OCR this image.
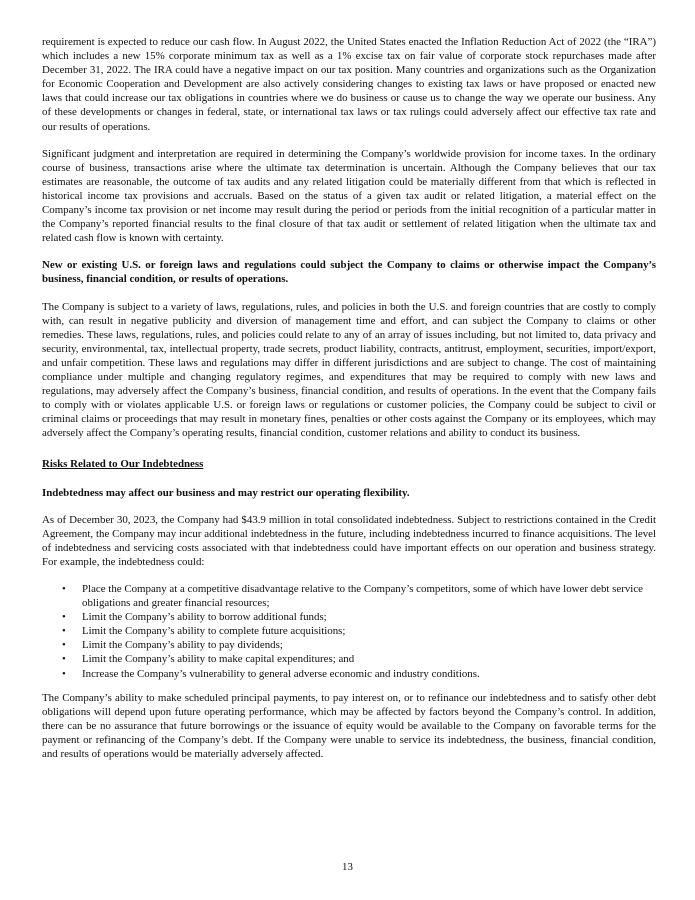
requirement is expected to reduce our cash flow. In August 2022, the United States enacted the Inflation Reduction Act of 2022 (the “IRA”) which includes a new 15% corporate minimum tax as well as a 1% excise tax on fair value of corporate stock repurchases made after December 31, 2022. The IRA could have a negative impact on our tax position. Many countries and organizations such as the Organization for Economic Cooperation and Development are also actively considering changes to existing tax laws or have proposed or enacted new laws that could increase our tax obligations in countries where we do business or cause us to change the way we operate our business. Any of these developments or changes in federal, state, or international tax laws or tax rulings could adversely affect our effective tax rate and our results of operations.

Significant judgment and interpretation are required in determining the Company’s worldwide provision for income taxes. In the ordinary course of business, transactions arise where the ultimate tax determination is uncertain. Although the Company believes that our tax estimates are reasonable, the outcome of tax audits and any related litigation could be materially different from that which is reflected in historical income tax provisions and accruals. Based on the status of a given tax audit or related litigation, a material effect on the Company’s income tax provision or net income may result during the period or periods from the initial recognition of a particular matter in the Company’s reported financial results to the final closure of that tax audit or settlement of related litigation when the ultimate tax and related cash flow is known with certainty.

New or existing U.S. or foreign laws and regulations could subject the Company to claims or otherwise impact the Company’s business, financial condition, or results of operations.

The Company is subject to a variety of laws, regulations, rules, and policies in both the U.S. and foreign countries that are costly to comply with, can result in negative publicity and diversion of management time and effort, and can subject the Company to claims or other remedies. These laws, regulations, rules, and policies could relate to any of an array of issues including, but not limited to, data privacy and security, environmental, tax, intellectual property, trade secrets, product liability, contracts, antitrust, employment, securities, import/export, and unfair competition. These laws and regulations may differ in different jurisdictions and are subject to change. The cost of maintaining compliance under multiple and changing regulatory regimes, and expenditures that may be required to comply with new laws and regulations, may adversely affect the Company’s business, financial condition, and results of operations. In the event that the Company fails to comply with or violates applicable U.S. or foreign laws or regulations or customer policies, the Company could be subject to civil or criminal claims or proceedings that may result in monetary fines, penalties or other costs against the Company or its employees, which may adversely affect the Company’s operating results, financial condition, customer relations and ability to conduct its business.

Risks Related to Our Indebtedness

Indebtedness may affect our business and may restrict our operating flexibility.

As of December 30, 2023, the Company had $43.9 million in total consolidated indebtedness. Subject to restrictions contained in the Credit Agreement, the Company may incur additional indebtedness in the future, including indebtedness incurred to finance acquisitions. The level of indebtedness and servicing costs associated with that indebtedness could have important effects on our operation and business strategy. For example, the indebtedness could:

• Place the Company at a competitive disadvantage relative to the Company’s competitors, some of which have lower debt service obligations and greater financial resources;
• Limit the Company’s ability to borrow additional funds;
• Limit the Company’s ability to complete future acquisitions;
• Limit the Company’s ability to pay dividends;
• Limit the Company’s ability to make capital expenditures; and
• Increase the Company’s vulnerability to general adverse economic and industry conditions.

The Company’s ability to make scheduled principal payments, to pay interest on, or to refinance our indebtedness and to satisfy other debt obligations will depend upon future operating performance, which may be affected by factors beyond the Company’s control. In addition, there can be no assurance that future borrowings or the issuance of equity would be available to the Company on favorable terms for the payment or refinancing of the Company’s debt. If the Company were unable to service its indebtedness, the business, financial condition, and results of operations would be materially adversely affected.

13
